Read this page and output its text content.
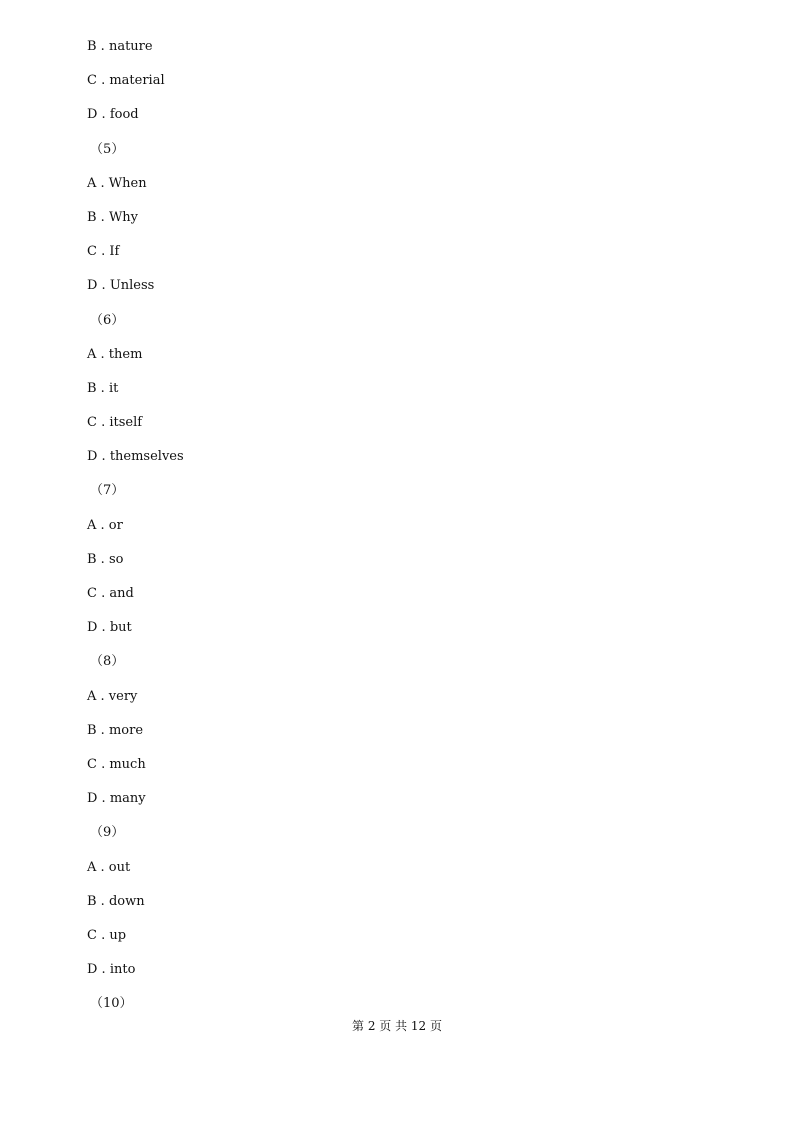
B . nature
C . material
D . food
（5）
A . When
B . Why
C . If
D . Unless
（6）
A . them
B . it
C . itself
D . themselves
（7）
A . or
B . so
C . and
D . but
（8）
A . very
B . more
C . much
D . many
（9）
A . out
B . down
C . up
D . into
（10）
第 2 页 共 12 页
